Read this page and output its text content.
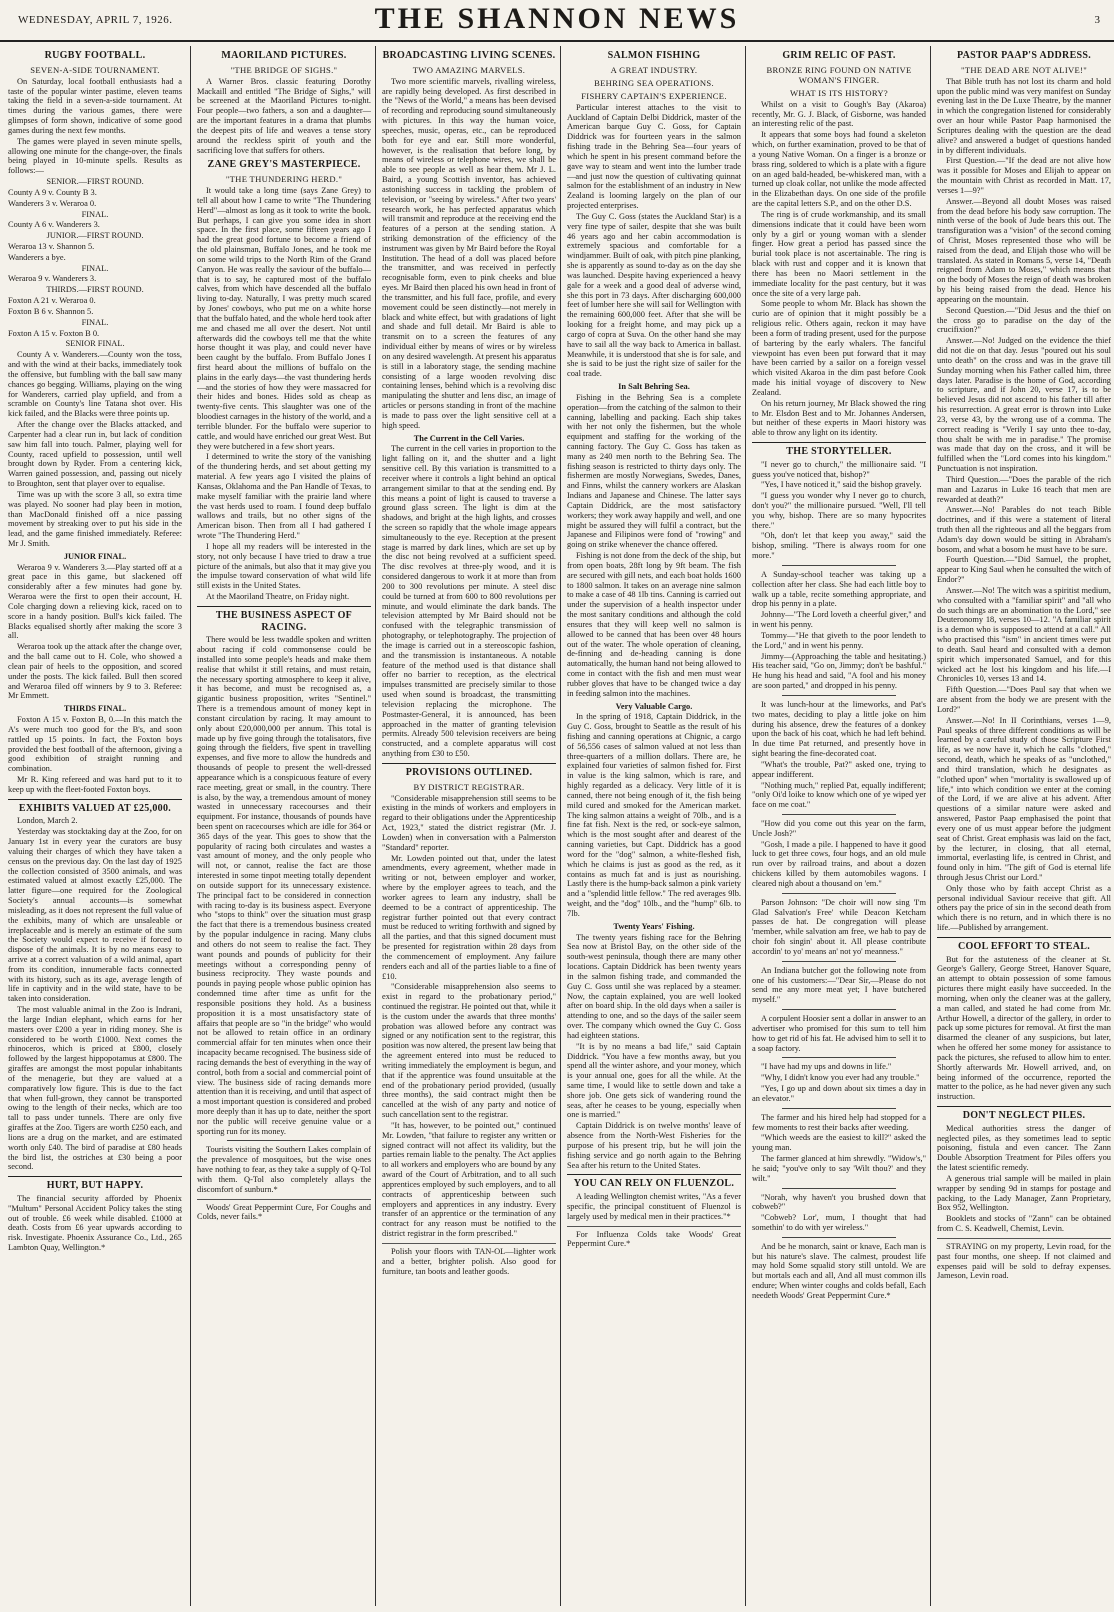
WEDNESDAY, APRIL 7, 1926.	THE SHANNON NEWS	3
RUGBY FOOTBALL.
SEVEN-A-SIDE TOURNAMENT.

On Saturday, local football enthusiasts had a taste of the popular winter pastime, eleven teams taking the field in a seven-a-side tournament. At times during the various games, there were glimpses of form shown, indicative of some good games during the next few months.

The games were played in seven minute spells, allowing one minute for the change-over, the finals being played in 10-minute spells. Results as follows:—

SENIOR.—FIRST ROUND.

County A 9 v. County B 3.

Wanderers 3 v. Weraroa 0.

FINAL.

County A 6 v. Wanderers 3.

JUNIOR.—FIRST ROUND.

Weraroa 13 v. Shannon 5.

Wanderers a bye.

FINAL.

Weraroa 9 v. Wanderers 3.

THIRDS.—FIRST ROUND.

Foxton A 21 v. Weraroa 0.

Foxton B 6 v. Shannon 5.

FINAL.

Foxton A 15 v. Foxton B 0.

SENIOR FINAL.

County A v. Wanderers.—County won the toss, and with the wind at their backs, immediately took the offensive, but fumbling with the ball saw many chances go begging. Williams, playing on the wing for Wanderers, carried play upfield, and from a scramble on County's line Tatana shot over. His kick failed, and the Blacks were three points up.

After the change over the Blacks attacked, and Carpenter had a clear run in, but lack of condition saw him fall into touch. Palmer, playing well for County, raced upfield to possession, until well brought down by Ryder. From a centering kick, Warren gained possession, and, passing out nicely to Broughton, sent that player over to equalise.

Time was up with the score 3 all, so extra time was played. No sooner had play been in motion, than MacDonald finished off a nice passing movement by streaking over to put his side in the lead, and the game finished immediately. Referee: Mr J. Smith.

JUNIOR FINAL.

Weraroa 9 v. Wanderers 3.—Play started off at a great pace in this game, but slackened off considerably after a few minutes had gone by. Weraroa were the first to open their account, H. Cole charging down a relieving kick, raced on to score in a handy position. Bull's kick failed. The Blacks equalised shortly after making the score 3 all.

Weraroa took up the attack after the change over, and the ball came out to H. Cole, who showed a clean pair of heels to the opposition, and scored under the posts. The kick failed. Bull then scored and Weraroa filed off winners by 9 to 3. Referee: Mr Emmett.

THIRDS FINAL.

Foxton A 15 v. Foxton B, 0.—In this match the A's were much too good for the B's, and soon rattled up 15 points. In fact, the Foxton boys provided the best football of the afternoon, giving a good exhibition of straight running and combination.

Mr R. King refereed and was hard put to it to keep up with the fleet-footed Foxton boys.

EXHIBITS VALUED AT £25,000.

London, March 2.

Yesterday was stocktaking day at the Zoo, for on January 1st in every year the curators are busy valuing their charges of which they have taken a census on the previous day. On the last day of 1925 the collection consisted of 3500 animals, and was estimated valued at almost exactly £25,000. The latter figure—one required for the Zoological Society's annual accounts—is somewhat misleading, as it does not represent the full value of the exhibits, many of which are unsaleable or irreplaceable and is merely an estimate of the sum the Society would expect to receive if forced to dispose of the animals. It is by no means easy to arrive at a correct valuation of a wild animal, apart from its condition, innumerable facts connected with its history, such as its age, average length of life in captivity and in the wild state, have to be taken into consideration.

The most valuable animal in the Zoo is Indrani, the large Indian elephant, which earns for her masters over £200 a year in riding money. She is considered to be worth £1000. Next comes the rhinoceros, which is priced at £800, closely followed by the largest hippopotamus at £800. The giraffes are amongst the most popular inhabitants of the menagerie, but they are valued at a comparatively low figure. This is due to the fact that when full-grown, they cannot be transported owing to the length of their necks, which are too tall to pass under tunnels. There are only five giraffes at the Zoo. Tigers are worth £250 each, and lions are a drug on the market, and are estimated worth only £40. The bird of paradise at £80 heads the bird list, the ostriches at £30 being a poor second.

HURT, BUT HAPPY.

The financial security afforded by Phoenix "Multum" Personal Accident Policy takes the sting out of trouble. £6 week while disabled. £1000 at death. Costs from £6 year upwards according to risk. Investigate. Phoenix Assurance Co., Ltd., 265 Lambton Quay, Wellington.*

MAORILAND PICTURES.
"THE BRIDGE OF SIGHS."

A Warner Bros. classic featuring Dorothy Mackaill and entitled "The Bridge of Sighs," will be screened at the Maoriland Pictures to-night. Four people—two fathers, a son and a daughter—are the important features in a drama that plumbs the deepest pits of life and weaves a tense story around the reckless spirit of youth and the sacrificing love that suffers for others.

ZANE GREY'S MASTERPIECE.
"THE THUNDERING HERD."

It would take a long time (says Zane Grey) to tell all about how I came to write "The Thundering Herd"—almost as long as it took to write the book. But perhaps, I can give you some idea in short space. In the first place, some fifteen years ago I had the great good fortune to become a friend of the old plainsman, Buffalo Jones, and he took me on some wild trips to the North Rim of the Grand Canyon. He was really the saviour of the buffalo—that is to say, he captured most of the buffalo calves, from which have descended all the buffalo living to-day. Naturally, I was pretty much scared by Jones' cowboys, who put me on a white horse that the buffalo hated, and the whole herd took after me and chased me all over the desert. Not until afterwards did the cowboys tell me that the white horse thought it was play, and could never have been caught by the buffalo. From Buffalo Jones I first heard about the millions of buffalo on the plains in the early days—the vast thundering herds—and the stories of how they were massacred for their hides and bones. Hides sold as cheap as twenty-five cents. This slaughter was one of the bloodiest carnages in the history of the world, and a terrible blunder. For the buffalo were superior to cattle, and would have enriched our great West. But they were butchered in a few short years.

I determined to write the story of the vanishing of the thundering herds, and set about getting my material. A few years ago I visited the plains of Kansas, Oklahoma and the Pan Handle of Texas, to make myself familiar with the prairie land where the vast herds used to roam. I found deep buffalo wallows and trails, but no other signs of the American bison. Then from all I had gathered I wrote "The Thundering Herd."

I hope all my readers will be interested in the story, not only because I have tried to draw a true picture of the animals, but also that it may give you the impulse toward conservation of what wild life still exists in the United States.

At the Maoriland Theatre, on Friday night.

THE BUSINESS ASPECT OF RACING.

There would be less twaddle spoken and written about racing if cold commonsense could be installed into some people's heads and make them realise that whilst it still retains, and must retain, the necessary sporting atmosphere to keep it alive, it has become, and must be recognised as, a gigantic business proposition, writes "Sentinel." There is a tremendous amount of money kept in constant circulation by racing. It may amount to only about £20,000,000 per annum. This total is made up by five going through the totalisators, five going through the fielders, five spent in travelling expenses, and five more to allow the hundreds and thousands of people to present the well-dressed appearance which is a conspicuous feature of every race meeting, great or small, in the country. There is also, by the way, a tremendous amount of money wasted in unnecessary racecourses and their equipment. For instance, thousands of pounds have been spent on racecourses which are idle for 364 or 365 days of the year. This goes to show that the popularity of racing both circulates and wastes a vast amount of money, and the only people who will not, or cannot, realise the fact are those interested in some tinpot meeting totally dependent on outside support for its unnecessary existence. The principal fact to be considered in connection with racing to-day is its business aspect. Everyone who "stops to think" over the situation must grasp the fact that there is a tremendous business created by the popular indulgence in racing. Many clubs and others do not seem to realise the fact. They want pounds and pounds of publicity for their meetings without a corresponding penny of business reciprocity. They waste pounds and pounds in paying people whose public opinion has condemned time after time as unfit for the responsible positions they hold. As a business proposition it is a most unsatisfactory state of affairs that people are so "in the bridge" who would not be allowed to retain office in an ordinary commercial affair for ten minutes when once their incapacity became recognised. The business side of racing demands the best of everything in the way of control, both from a social and commercial point of view. The business side of racing demands more attention than it is receiving, and until that aspect of a most important question is considered and probed more deeply than it has up to date, neither the sport nor the public will receive genuine value or a sporting run for its money.

Tourists visiting the Southern Lakes complain of the prevalence of mosquitoes, but the wise ones have nothing to fear, as they take a supply of Q-Tol with them. Q-Tol also completely allays the discomfort of sunburn.*

Woods' Great Peppermint Cure, For Coughs and Colds, never fails.*

BROADCASTING LIVING SCENES.
TWO AMAZING MARVELS.

Two more scientific marvels, rivalling wireless, are rapidly being developed. As first described in the "News of the World," a means has been devised of recording and reproducing sound simultaneously with pictures. In this way the human voice, speeches, music, operas, etc., can be reproduced both for eye and ear. Still more wonderful, however, is the realisation that before long, by means of wireless or telephone wires, we shall be able to see people as well as hear them. Mr J. L. Baird, a young Scottish inventor, has achieved astonishing success in tackling the problem of television, or "seeing by wireless." After two years' research work, he has perfected apparatus which will transmit and reproduce at the receiving end the features of a person at the sending station. A striking demonstration of the efficiency of the instrument was given by Mr Baird before the Royal Institution. The head of a doll was placed before the transmitter, and was received in perfectly recognisable form, even to pink cheeks and blue eyes. Mr Baird then placed his own head in front of the transmitter, and his full face, profile, and every movement could be seen distinctly—not merely in black and white effect, but with gradations of light and shade and full detail. Mr Baird is able to transmit on to a screen the features of any individual either by means of wires or by wireless on any desired wavelength. At present his apparatus is still in a laboratory stage, the sending machine consisting of a large wooden revolving disc containing lenses, behind which is a revolving disc manipulating the shutter and lens disc, an image of articles or persons standing in front of the machine is made to pass over the light sensitive cell at a high speed.

The Current in the Cell Varies.

The current in the cell varies in proportion to the light falling on it, and the shutter and a light sensitive cell. By this variation is transmitted to a receiver where it controls a light behind an optical arrangement similar to that at the sending end. By this means a point of light is caused to traverse a ground glass screen. The light is dim at the shadows, and bright at the high lights, and crosses the screen so rapidly that the whole image appears simultaneously to the eye. Reception at the present stage is marred by dark lines, which are set up by the disc not being revolved at a sufficient speed. The disc revolves at three-ply wood, and it is considered dangerous to work it at more than from 200 to 300 revolutions per minute. A steel disc could be turned at from 600 to 800 revolutions per minute, and would eliminate the dark bands. The television attempted by Mr Baird should not be confused with the telegraphic transmission of photography, or telephotography. The projection of the image is carried out in a stereoscopic fashion, and the transmission is instantaneous. A notable feature of the method used is that distance shall offer no barrier to reception, as the electrical impulses transmitted are precisely similar to those used when sound is broadcast, the transmitting television replacing the microphone. The Postmaster-General, it is announced, has been approached in the matter of granting television permits. Already 500 television receivers are being constructed, and a complete apparatus will cost anything from £30 to £50.

PROVISIONS OUTLINED.
BY DISTRICT REGISTRAR.

"Considerable misapprehension still seems to be existing in the minds of workers and employers in regard to their obligations under the Apprenticeship Act, 1923," stated the district registrar (Mr. J. Lowden) when in conversation with a Palmerston "Standard" reporter.

Mr. Lowden pointed out that, under the latest amendments, every agreement, whether made in writing or not, between employer and worker, where by the employer agrees to teach, and the worker agrees to learn any industry, shall be deemed to be a contract of apprenticeship. The registrar further pointed out that every contract must be reduced to writing forthwith and signed by all the parties, and that this signed document must be presented for registration within 28 days from the commencement of employment. Any failure renders each and all of the parties liable to a fine of £10.

"Considerable misapprehension also seems to exist in regard to the probationary period," continued the registrar. He pointed out that, while it is the custom under the awards that three months' probation was allowed before any contract was signed or any notification sent to the registrar, this position was now altered, the present law being that the agreement entered into must be reduced to writing immediately the employment is begun, and that if the apprentice was found unsuitable at the end of the probationary period provided, (usually three months), the said contract might then be cancelled at the wish of any party and notice of such cancellation sent to the registrar.

"It has, however, to be pointed out," continued Mr. Lowden, "that failure to register any written or signed contract will not affect its validity, but the parties remain liable to the penalty. The Act applies to all workers and employers who are bound by any award of the Court of Arbitration, and to all such apprentices employed by such employers, and to all contracts of apprenticeship between such employers and apprentices in any industry. Every transfer of an apprentice or the termination of any contract for any reason must be notified to the district registrar in the form prescribed."

Polish your floors with TAN-OL—lighter work and a better, brighter polish. Also good for furniture, tan boots and leather goods.

SALMON FISHING
A GREAT INDUSTRY.
BEHRING SEA OPERATIONS.
FISHERY CAPTAIN'S EXPERIENCE.

Particular interest attaches to the visit to Auckland of Captain Delbi Diddrick, master of the American barque Guy C. Goss, for Captain Diddrick was for fourteen years in the salmon fishing trade in the Behring Sea—four years of which he spent in his present command before the gave way to steam and went into the lumber trade—and just now the question of cultivating quinnat salmon for the establishment of an industry in New Zealand is looming largely on the plan of our projected enterprises.

The Guy C. Goss (states the Auckland Star) is a very fine type of sailer, despite that she was built 46 years ago and her cabin accommodation is extremely spacious and comfortable for a windjammer. Built of oak, with pitch pine planking, she is apparently as sound to-day as on the day she was launched. Despite having experienced a heavy gale for a week and a good deal of adverse wind, she this port in 73 days. After discharging 600,000 feet of lumber here she will sail for Wellington with the remaining 600,000 feet. After that she will be looking for a freight home, and may pick up a cargo of copra at Suva. On the other hand she may have to sail all the way back to America in ballast. Meanwhile, it is understood that she is for sale, and she is said to be just the right size of sailer for the coal trade.

In Salt Behring Sea.

Fishing in the Behring Sea is a complete operation—from the catching of the salmon to their canning, labelling and packing. Each ship takes with her not only the fishermen, but the whole equipment and staffing for the working of the canning factory. The Guy C. Goss has taken as many as 240 men north to the Behring Sea. The fishing season is restricted to thirty days only. The fishermen are mostly Norwegians, Swedes, Danes, and Finns, whilst the cannery workers are Alaskan Indians and Japanese and Chinese. The latter says Captain Diddrick, are the most satisfactory workers; they work away happily and well, and one might be assured they will fulfil a contract, but the Japanese and Filipinos were fond of "rowing" and going on strike whenever the chance offered.

Fishing is not done from the deck of the ship, but from open boats, 28ft long by 9ft beam. The fish are secured with gill nets, and each boat holds 1600 to 1800 salmon. It takes on an average nine salmon to make a case of 48 1lb tins. Canning is carried out under the supervision of a health inspector under the most sanitary conditions and although the cold ensures that they will keep well no salmon is allowed to be canned that has been over 48 hours out of the water. The whole operation of cleaning, de-finning and de-heading canning is done automatically, the human hand not being allowed to come in contact with the fish and men must wear rubber gloves that have to be changed twice a day in feeding salmon into the machines.

Very Valuable Cargo.

In the spring of 1918, Captain Diddrick, in the Guy C. Goss, brought to Seattle as the result of his fishing and canning operations at Chignic, a cargo of 56,556 cases of salmon valued at not less than three-quarters of a million dollars. There are, he explained four varieties of salmon fished for. First in value is the king salmon, which is rare, and highly regarded as a delicacy. Very little of it is canned, there not being enough of it, the fish being mild cured and smoked for the American market. The king salmon attains a weight of 70lb., and is a fine fat fish. Next is the red, or sock-eye salmon, which is the most sought after and dearest of the canning varieties, but Capt. Diddrick has a good word for the "dog" salmon, a white-fleshed fish, which he claims is just as good as the red, as it contains as much fat and is just as nourishing. Lastly there is the hump-back salmon a pink variety and a "splendid little fellow." The red averages 9lb. weight, and the "dog" 10lb., and the "hump" 6lb. to 7lb.

Twenty Years' Fishing.

The twenty years fishing race for the Behring Sea now at Bristol Bay, on the other side of the south-west peninsula, though there are many other locations. Captain Diddrick has been twenty years in the salmon fishing trade, and commanded the Guy C. Goss until she was replaced by a steamer. Now, the captain explained, you are well looked after on board ship. In the old days when a sailer is attending to one, and so the days of the sailer seem over. The company which owned the Guy C. Goss had eighteen stations.

"It is by no means a bad life," said Captain Diddrick. "You have a few months away, but you spend all the winter ashore, and your money, which is your annual one, goes for all the while. At the same time, I would like to settle down and take a shore job. One gets sick of wandering round the seas, after he ceases to be young, especially when one is married."

Captain Diddrick is on twelve months' leave of absence from the North-West Fisheries for the purpose of his present trip, but he will join the fishing service and go north again to the Behring Sea after his return to the United States.

YOU CAN RELY ON FLUENZOL.

A leading Wellington chemist writes, "As a fever specific, the principal constituent of Fluenzol is largely used by medical men in their practices."*

For Influenza Colds take Woods' Great Peppermint Cure.*

GRIM RELIC OF PAST.
BRONZE RING FOUND ON NATIVE WOMAN'S FINGER.
WHAT IS ITS HISTORY?

Whilst on a visit to Gough's Bay (Akaroa) recently, Mr. G. J. Black, of Gisborne, was handed an interesting relic of the past.

It appears that some boys had found a skeleton which, on further examination, proved to be that of a young Native Woman. On a finger is a bronze or brass ring, soldered to which is a plate with a figure on an aged bald-headed, be-whiskered man, with a turned up cloak collar, not unlike the mode affected in the Elizabethan days. On one side of the profile are the capital letters S.P., and on the other D.S.

The ring is of crude workmanship, and its small dimensions indicate that it could have been worn only by a girl or young woman with a slender finger. How great a period has passed since the burial took place is not ascertainable. The ring is black with rust and copper and it is known that there has been no Maori settlement in the immediate locality for the past century, but it was once the site of a very large pah.

Some people to whom Mr. Black has shown the curio are of opinion that it might possibly be a religious relic. Others again, reckon it may have been a form of trading present, used for the purpose of bartering by the early whalers. The fanciful viewpoint has even been put forward that it may have been carried by a sailor on a foreign vessel which visited Akaroa in the dim past before Cook made his initial voyage of discovery to New Zealand.

On his return journey, Mr Black showed the ring to Mr. Elsdon Best and to Mr. Johannes Andersen, but neither of these experts in Maori history was able to throw any light on its identity.

THE STORYTELLER.

"I never go to church," the millionaire said. "I guess you've noticed that, bishop?"

"Yes, I have noticed it," said the bishop gravely.

"I guess you wonder why I never go to church, don't you?" the millionaire pursued. "Well, I'll tell you why, bishop. There are so many hypocrites there."

"Oh, don't let that keep you away," said the bishop, smiling. "There is always room for one more."

A Sunday-school teacher was taking up a collection after her class. She had each little boy to walk up a table, recite something appropriate, and drop his penny in a plate.

Johnny—"The Lord loveth a cheerful giver," and in went his penny.

Tommy—"He that giveth to the poor lendeth to the Lord," and in went his penny.

Jimmy—(Approaching the table and hesitating.) His teacher said, "Go on, Jimmy; don't be bashful." He hung his head and said, "A fool and his money are soon parted," and dropped in his penny.

It was lunch-hour at the limeworks, and Pat's two mates, deciding to play a little joke on him during his absence, drew the features of a donkey upon the back of his coat, which he had left behind. In due time Pat returned, and presently hove in sight bearing the fine-decorated coat.

"What's the trouble, Pat?" asked one, trying to appear indifferent.

"Nothing much," replied Pat, equally indifferent; "only Oi'd loike to know which one of ye wiped yer face on me coat."

"How did you come out this year on the farm, Uncle Josh?"

"Gosh, I made a pile. I happened to have it good luck to get three cows, four hogs, and an old mule run over by railroad trains, and about a dozen chickens killed by them automobiles wagons. I cleared nigh about a thousand on 'em."

Parson Johnson: "De choir will now sing 'I'm Glad Salvation's Free' while Deacon Ketcham passes de hat. De congregation will please 'member, while salvation am free, we hab to pay de choir foh singin' about it. All please contribute accordin' to yo' means an' not yo' meanness."

An Indiana butcher got the following note from one of his customers:—"Dear Sir,—Please do not send me any more meat yet; I have butchered myself."

A corpulent Hoosier sent a dollar in answer to an advertiser who promised for this sum to tell him how to get rid of his fat. He advised him to sell it to a soap factory.

"I have had my ups and downs in life."

"Why, I didn't know you ever had any trouble."

"Yes, I go up and down about six times a day in an elevator."

The farmer and his hired help had stopped for a few moments to rest their backs after weeding.

"Which weeds are the easiest to kill?" asked the young man.

The farmer glanced at him shrewdly. "Widow's," he said; "you've only to say 'Wilt thou?' and they wilt."

"Norah, why haven't you brushed down that cobweb?"

"Cobweb? Lor', mum, I thought that had somethin' to do with yer wireless."

And be he monarch, saint or knave, Each man is but his nature's slave. The calmest, proudest life may hold Some squalid story still untold. We are but mortals each and all, And all must common ills endure; When winter coughs and colds befall, Each needeth Woods' Great Peppermint Cure.*

PASTOR PAAP'S ADDRESS.
"THE DEAD ARE NOT ALIVE!"

That Bible truth has not lost its charm and hold upon the public mind was very manifest on Sunday evening last in the De Luxe Theatre, by the manner in which the congregation listened for considerably over an hour while Pastor Paap harmonised the Scriptures dealing with the question are the dead alive? and answered a budget of questions handed in by different individuals.

First Question.—"If the dead are not alive how was it possible for Moses and Elijah to appear on the mountain with Christ as recorded in Matt. 17, verses 1—9?"

Answer.—Beyond all doubt Moses was raised from the dead before his body saw corruption. The ninth verse of the book of Jude bears this out. The transfiguration was a "vision" of the second coming of Christ, Moses represented those who will be raised from the dead, and Elijah those who will be translated. As stated in Romans 5, verse 14, "Death reigned from Adam to Moses," which means that on the body of Moses the reign of death was broken by his being raised from the dead. Hence his appearing on the mountain.

Second Question.—"Did Jesus and the thief on the cross go to paradise on the day of the crucifixion?"

Answer.—No! Judged on the evidence the thief did not die on that day. Jesus "poured out his soul unto death" on the cross and was in the grave till Sunday morning when his Father called him, three days later. Paradise is the home of God, according to scripture, and if John 20, verse 17, is to be believed Jesus did not ascend to his father till after his resurrection. A great error is thrown into Luke 23, verse 43, by the wrong use of a comma. The correct reading is "Verily I say unto thee to-day, thou shalt be with me in paradise." The promise was made that day on the cross, and it will be fulfilled when the "Lord comes into his kingdom." Punctuation is not inspiration.

Third Question.—"Does the parable of the rich man and Lazarus in Luke 16 teach that men are rewarded at death?"

Answer.—No! Parables do not teach Bible doctrines, and if this were a statement of literal truth then all the righteous and all the beggars from Adam's day down would be sitting in Abraham's bosom, and what a bosom he must have to be sure.

Fourth Question.—"Did Samuel, the prophet, appear to King Saul when he consulted the witch of Endor?"

Answer.—No! The witch was a spiritist medium, who consulted with a "familiar spirit" and "all who do such things are an abomination to the Lord," see Deuteronomy 18, verses 10—12. "A familiar spirit is a demon who is supposed to attend at a call." All who practised this "ism" in ancient times were put to death. Saul heard and consulted with a demon spirit which impersonated Samuel, and for this wicked act he lost his kingdom and his life.—I Chronicles 10, verses 13 and 14.

Fifth Question.—"Does Paul say that when we are absent from the body we are present with the Lord?"

Answer.—No! In II Corinthians, verses 1—9, Paul speaks of three different conditions as will be learned by a careful study of those Scripture First life, as we now have it, which he calls "clothed," second, death, which he speaks of as "unclothed," and third translation, which he designates as "clothed upon" when "mortality is swallowed up of life," into which condition we enter at the coming of the Lord, if we are alive at his advent. After questions of a similar nature were asked and answered, Pastor Paap emphasised the point that every one of us must appear before the judgment seat of Christ. Great emphasis was laid on the fact, by the lecturer, in closing, that all eternal, immortal, everlasting life, is centred in Christ, and found only in him. "The gift of God is eternal life through Jesus Christ our Lord."

Only those who by faith accept Christ as a personal individual Saviour receive that gift. All others pay the price of sin in the second death from which there is no return, and in which there is no life.—Published by arrangement.

COOL EFFORT TO STEAL.

But for the astuteness of the cleaner at St. George's Gallery, George Street, Hanover Square, an attempt to obtain possession of some famous pictures there might easily have succeeded. In the morning, when only the cleaner was at the gallery, a man called, and stated he had come from Mr. Arthur Howell, a director of the gallery, in order to pack up some pictures for removal. At first the man disarmed the cleaner of any suspicions, but later, when he offered her some money for assistance to pack the pictures, she refused to allow him to enter. Shortly afterwards Mr. Howell arrived, and, on being informed of the occurrence, reported the matter to the police, as he had never given any such instruction.

DON'T NEGLECT PILES.

Medical authorities stress the danger of neglected piles, as they sometimes lead to septic poisoning, fistula and even cancer. The Zann Double Absorption Treatment for Piles offers you the latest scientific remedy.

A generous trial sample will be mailed in plain wrapper by sending 9d in stamps for postage and packing, to the Lady Manager, Zann Proprietary, Box 952, Wellington.

Booklets and stocks of "Zann" can be obtained from C. S. Keadwell, Chemist, Levin.

STRAYING on my property, Levin road, for the past four months, one sheep. If not claimed and expenses paid will be sold to defray expenses. Jameson, Levin road.
